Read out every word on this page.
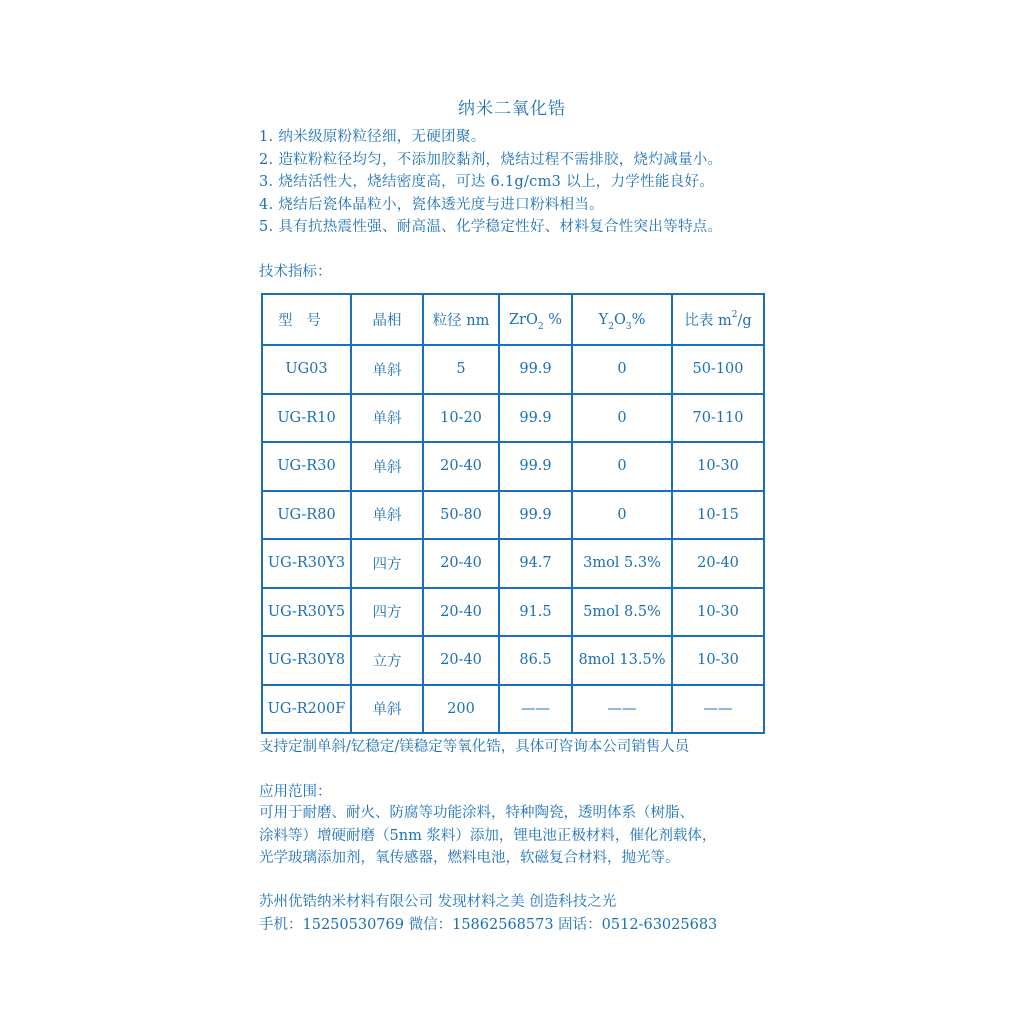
纳米二氧化锆
1. 纳米级原粉粒径细，无硬团聚。
2. 造粒粉粒径均匀，不添加胶黏剂，烧结过程不需排胶，烧灼减量小。
3. 烧结活性大，烧结密度高，可达 6.1g/cm3 以上，力学性能良好。
4. 烧结后瓷体晶粒小，瓷体透光度与进口粉料相当。
5. 具有抗热震性强、耐高温、化学稳定性好、材料复合性突出等特点。
技术指标：
型号	晶相	粒径 nm	ZrO$_2$ %	$Y_2O_3\%$	比表 $m^2/g$
UG03	单斜	5	99.9	0	50-100
UG-R10	单斜	10-20	99.9	0	70-110
UG-R30	单斜	20-40	99.9	0	10-30
UG-R80	单斜	50-80	99.9	0	10-15
UG-R30Y3	四方	20-40	94.7	3mol 5.3%	20-40
UG-R30Y5	四方	20-40	91.5	5mol 8.5%	10-30
UG-R30Y8	立方	20-40	86.5	8mol 13.5%	10-30
UG-R200F	单斜	200	——	——	——
支持定制单斜/钇稳定/镁稳定等氧化锆，具体可咨询本公司销售人员
应用范围：
可用于耐磨、耐火、防腐等功能涂料，特种陶瓷，透明体系（树脂、
涂料等）增硬耐磨（5nm 浆料）添加，锂电池正极材料，催化剂载体，
光学玻璃添加剂，氧传感器，燃料电池，软磁复合材料，抛光等。
苏州优锆纳米材料有限公司 发现材料之美 创造科技之光
手机：15250530769 微信：15862568573 固话：0512-63025683
